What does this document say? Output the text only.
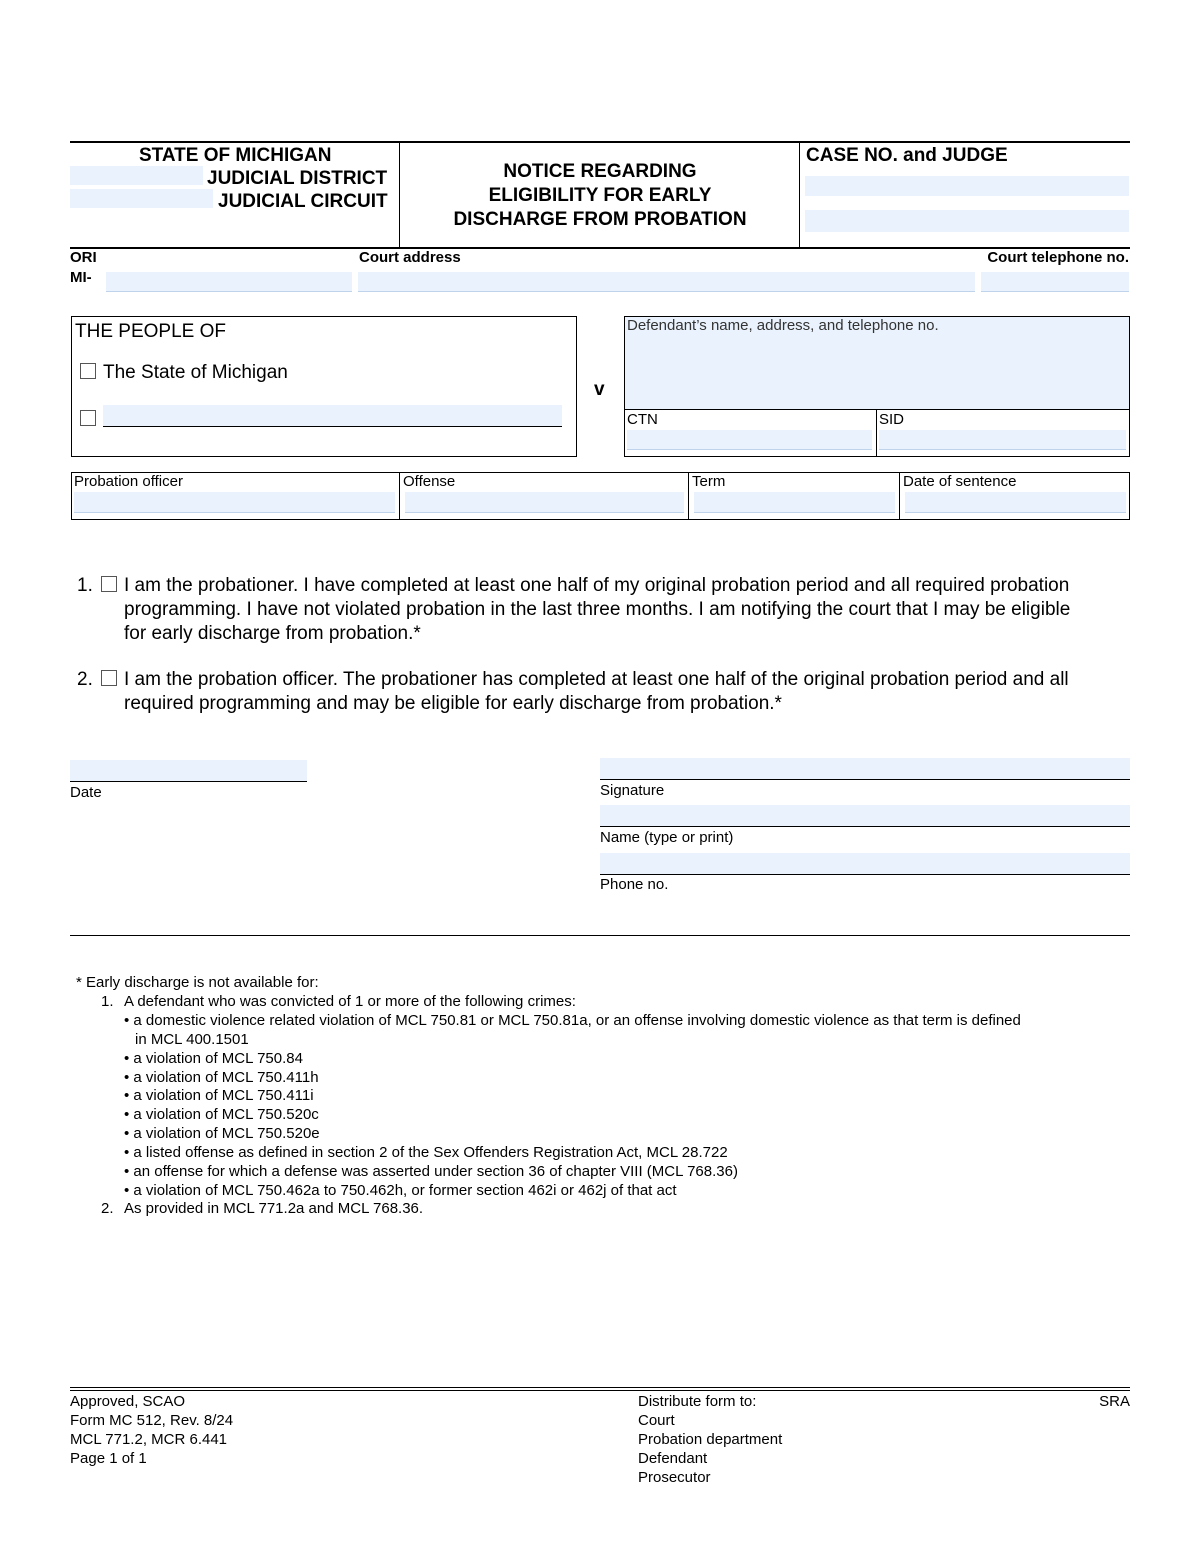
STATE OF MICHIGAN
JUDICIAL DISTRICT
JUDICIAL CIRCUIT
NOTICE REGARDING
ELIGIBILITY FOR EARLY
DISCHARGE FROM PROBATION
CASE NO. and JUDGE
ORI
MI-
Court address	Court telephone no.
THE PEOPLE OF
The State of Michigan
v
Defendant’s name, address, and telephone no.
CTN	SID
Probation officer	Offense	Term	Date of sentence
1. I am the probationer. I have completed at least one half of my original probation period and all required probation
programming. I have not violated probation in the last three months. I am notifying the court that I may be eligible
for early discharge from probation.*
2. I am the probation officer. The probationer has completed at least one half of the original probation period and all
required programming and may be eligible for early discharge from probation.*
Date	Signature
Name (type or print)
Phone no.
* Early discharge is not available for:
1. A defendant who was convicted of 1 or more of the following crimes:
• a domestic violence related violation of MCL 750.81 or MCL 750.81a, or an offense involving domestic violence as that term is defined
in MCL 400.1501
• a violation of MCL 750.84
• a violation of MCL 750.411h
• a violation of MCL 750.411i
• a violation of MCL 750.520c
• a violation of MCL 750.520e
• a listed offense as defined in section 2 of the Sex Offenders Registration Act, MCL 28.722
• an offense for which a defense was asserted under section 36 of chapter VIII (MCL 768.36)
• a violation of MCL 750.462a to 750.462h, or former section 462i or 462j of that act
2. As provided in MCL 771.2a and MCL 768.36.
Approved, SCAO
Form MC 512, Rev. 8/24
MCL 771.2, MCR 6.441
Page 1 of 1
Distribute form to:
Court
Probation department
Defendant
Prosecutor
SRA
